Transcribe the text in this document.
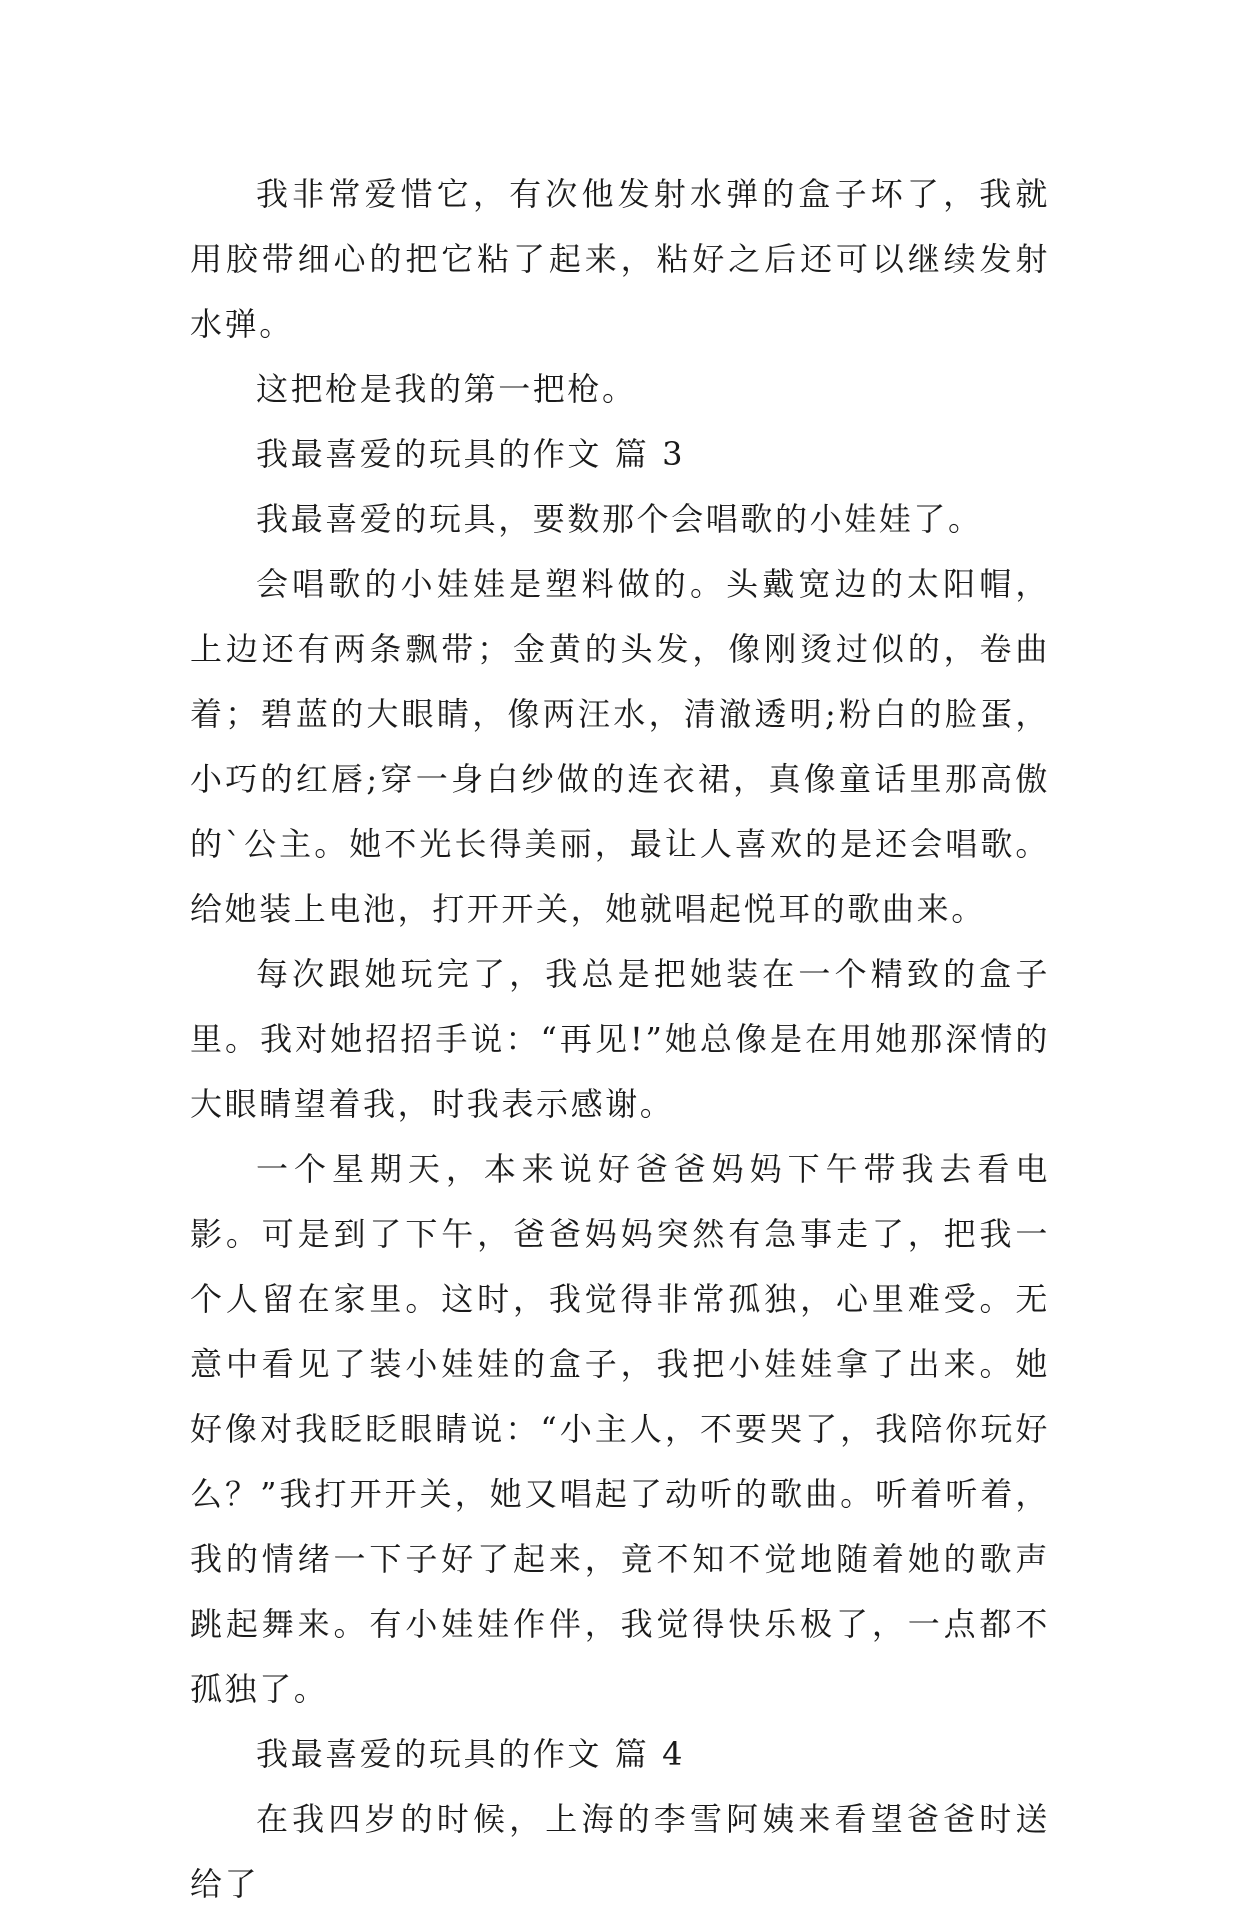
我非常爱惜它，有次他发射水弹的盒子坏了，我就用胶带细心的把它粘了起来，粘好之后还可以继续发射水弹。

这把枪是我的第一把枪。

我最喜爱的玩具的作文 篇 3

我最喜爱的玩具，要数那个会唱歌的小娃娃了。

会唱歌的小娃娃是塑料做的。头戴宽边的太阳帽，上边还有两条飘带；金黄的头发，像刚烫过似的，卷曲着；碧蓝的大眼睛，像两汪水，清澈透明;粉白的脸蛋，小巧的红唇;穿一身白纱做的连衣裙，真像童话里那高傲的`公主。她不光长得美丽，最让人喜欢的是还会唱歌。给她装上电池，打开开关，她就唱起悦耳的歌曲来。

每次跟她玩完了，我总是把她装在一个精致的盒子里。我对她招招手说：“再见!”她总像是在用她那深情的大眼睛望着我，时我表示感谢。

一个星期天，本来说好爸爸妈妈下午带我去看电影。可是到了下午，爸爸妈妈突然有急事走了，把我一个人留在家里。这时，我觉得非常孤独，心里难受。无意中看见了装小娃娃的盒子，我把小娃娃拿了出来。她好像对我眨眨眼睛说：“小主人，不要哭了，我陪你玩好么？”我打开开关，她又唱起了动听的歌曲。听着听着，我的情绪一下子好了起来，竟不知不觉地随着她的歌声跳起舞来。有小娃娃作伴，我觉得快乐极了，一点都不孤独了。

我最喜爱的玩具的作文 篇 4

在我四岁的时候，上海的李雪阿姨来看望爸爸时送给了
